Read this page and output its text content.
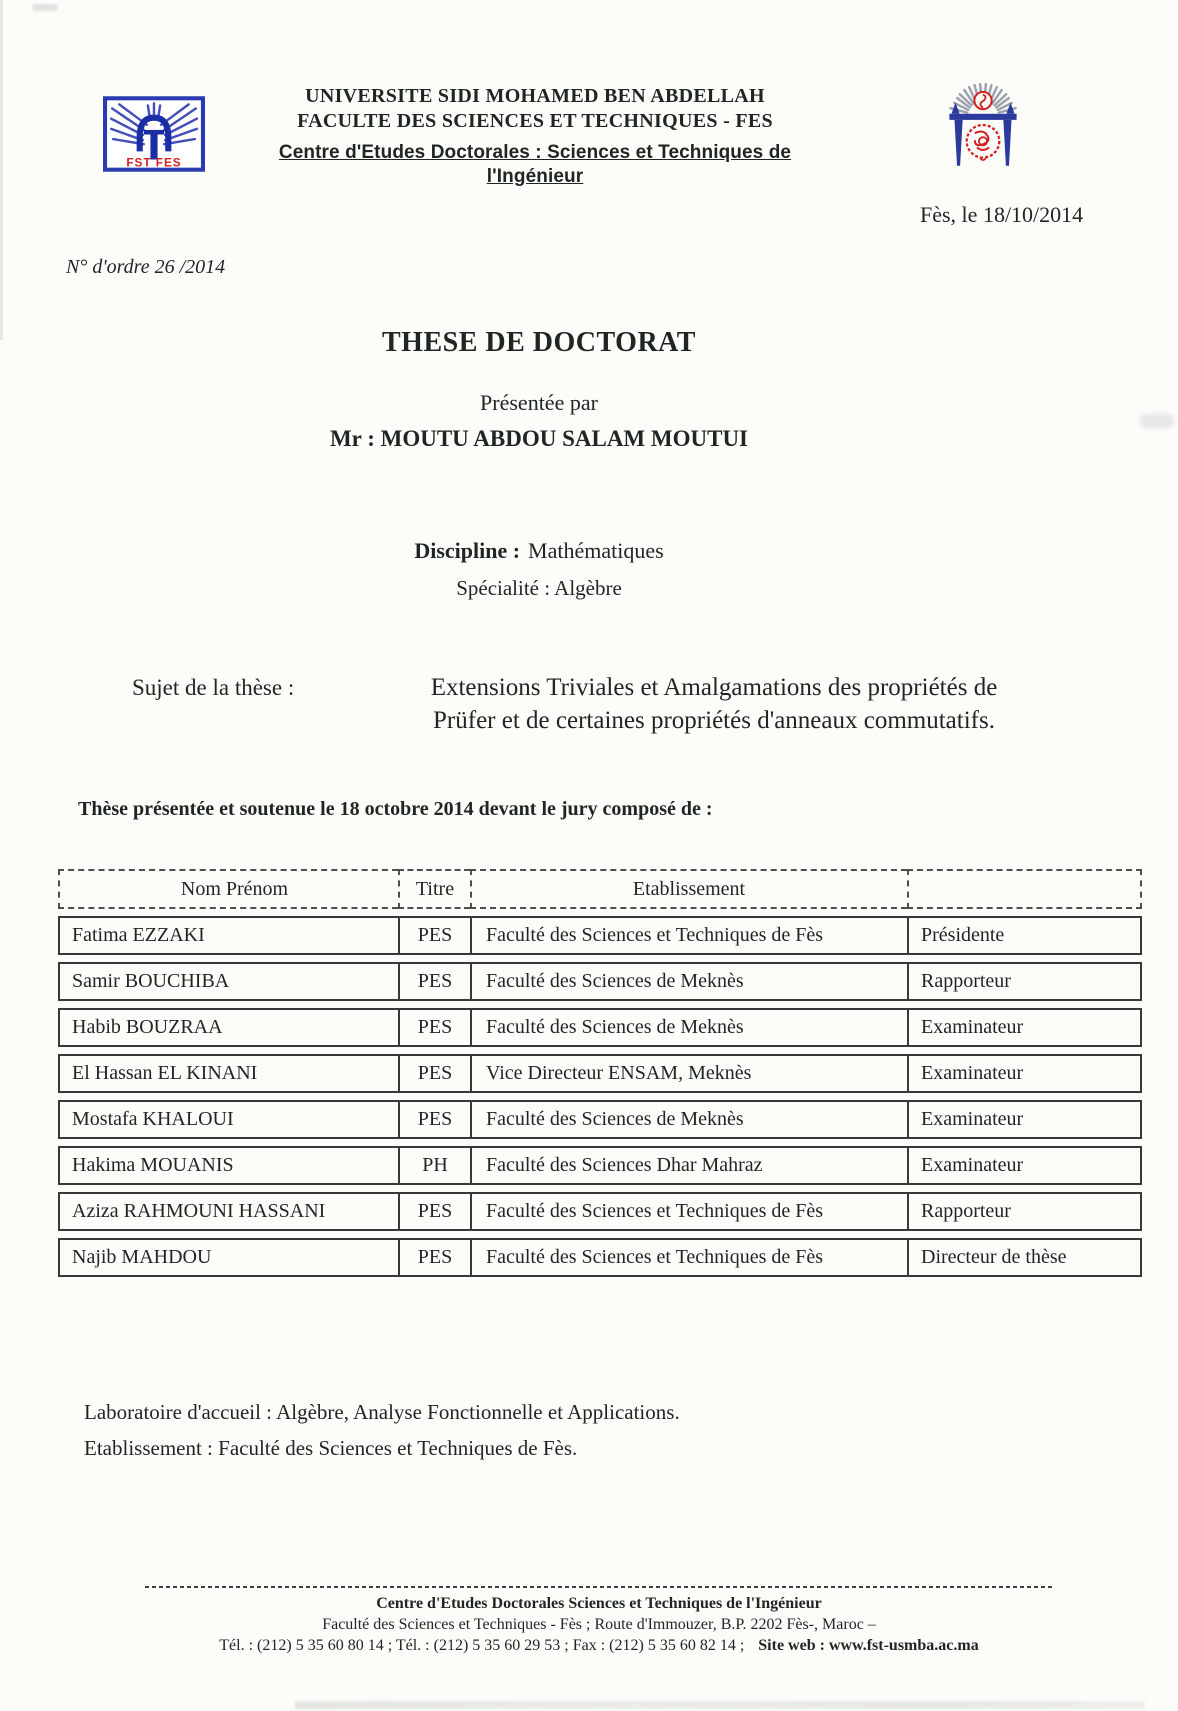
FST FES
UNIVERSITE SIDI MOHAMED BEN ABDELLAH
FACULTE DES SCIENCES ET TECHNIQUES - FES
Centre d'Etudes Doctorales : Sciences et Techniques de l'Ingénieur
Fès, le 18/10/2014
N° d'ordre 26 /2014
THESE DE DOCTORAT
Présentée par
Mr : MOUTU ABDOU SALAM MOUTUI
Discipline : Mathématiques
Spécialité : Algèbre
Sujet de la thèse :	Extensions Triviales et Amalgamations des propriétés de
Prüfer et de certaines propriétés d'anneaux commutatifs.
Thèse présentée et soutenue le 18 octobre 2014 devant le jury composé de :
Nom Prénom	Titre	Etablissement	
Fatima EZZAKI	PES	Faculté des Sciences et Techniques de Fès	Présidente
Samir BOUCHIBA	PES	Faculté des Sciences de Meknès	Rapporteur
Habib BOUZRAA	PES	Faculté des Sciences de Meknès	Examinateur
El Hassan EL KINANI	PES	Vice Directeur ENSAM, Meknès	Examinateur
Mostafa KHALOUI	PES	Faculté des Sciences de Meknès	Examinateur
Hakima MOUANIS	PH	Faculté des Sciences Dhar Mahraz	Examinateur
Aziza RAHMOUNI HASSANI	PES	Faculté des Sciences et Techniques de Fès	Rapporteur
Najib MAHDOU	PES	Faculté des Sciences et Techniques de Fès	Directeur de thèse
Laboratoire d'accueil : Algèbre, Analyse Fonctionnelle et Applications.
Etablissement : Faculté des Sciences et Techniques de Fès.
Centre d'Etudes Doctorales Sciences et Techniques de l'Ingénieur
Faculté des Sciences et Techniques - Fès ; Route d'Immouzer, B.P. 2202 Fès-, Maroc –
Tél. : (212) 5 35 60 80 14 ; Tél. : (212) 5 35 60 29 53 ; Fax : (212) 5 35 60 82 14 ; Site web : www.fst-usmba.ac.ma
